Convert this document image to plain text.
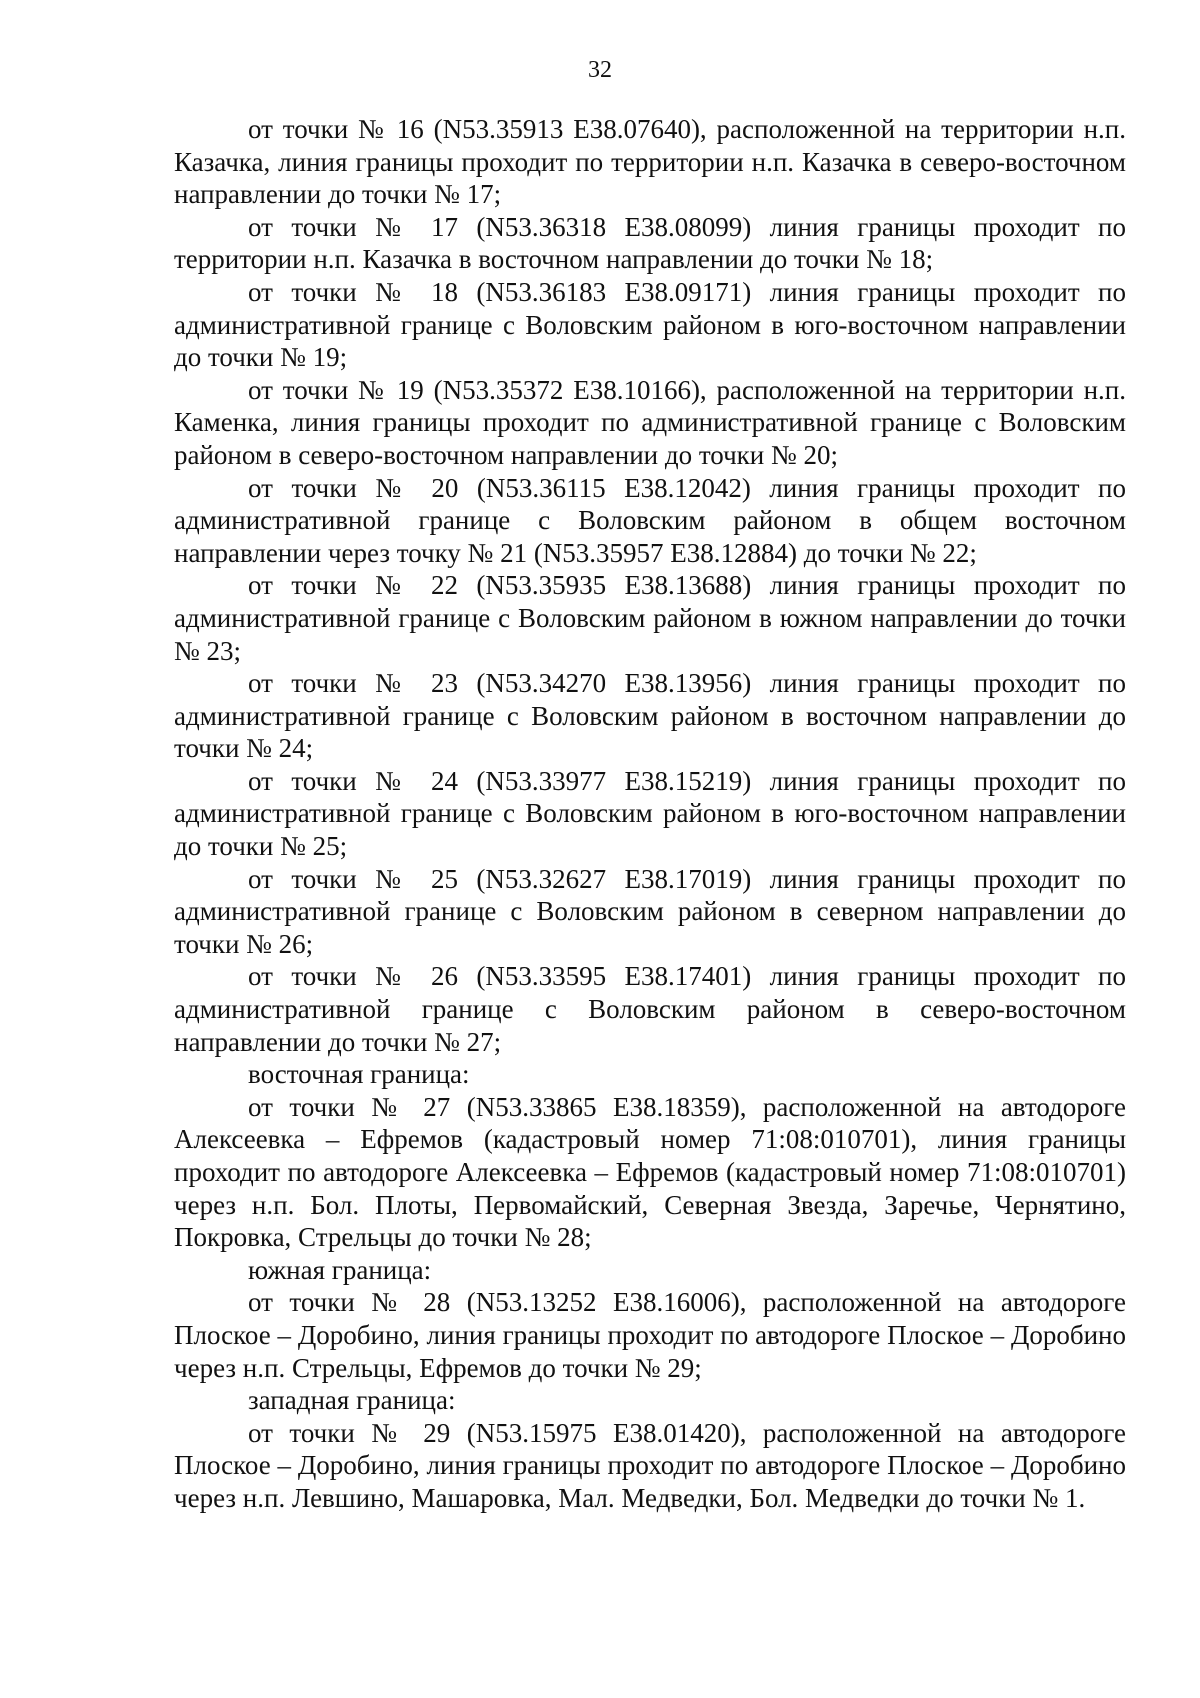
32

от точки № 16 (N53.35913 E38.07640), расположенной на территории н.п. Казачка, линия границы проходит по территории н.п. Казачка в северо-восточном направлении до точки № 17;

от точки № 17 (N53.36318 E38.08099) линия границы проходит по территории н.п. Казачка в восточном направлении до точки № 18;

от точки № 18 (N53.36183 E38.09171) линия границы проходит по административной границе с Воловским районом в юго-восточном направлении до точки № 19;

от точки № 19 (N53.35372 E38.10166), расположенной на территории н.п. Каменка, линия границы проходит по административной границе с Воловским районом в северо-восточном направлении до точки № 20;

от точки № 20 (N53.36115 E38.12042) линия границы проходит по административной границе с Воловским районом в общем восточном направлении через точку № 21 (N53.35957 E38.12884) до точки № 22;

от точки № 22 (N53.35935 E38.13688) линия границы проходит по административной границе с Воловским районом в южном направлении до точки № 23;

от точки № 23 (N53.34270 E38.13956) линия границы проходит по административной границе с Воловским районом в восточном направлении до точки № 24;

от точки № 24 (N53.33977 E38.15219) линия границы проходит по административной границе с Воловским районом в юго-восточном направлении до точки № 25;

от точки № 25 (N53.32627 E38.17019) линия границы проходит по административной границе с Воловским районом в северном направлении до точки № 26;

от точки № 26 (N53.33595 E38.17401) линия границы проходит по административной границе с Воловским районом в северо-восточном направлении до точки № 27;

восточная граница:

от точки № 27 (N53.33865 E38.18359), расположенной на автодороге Алексеевка – Ефремов (кадастровый номер 71:08:010701), линия границы проходит по автодороге Алексеевка – Ефремов (кадастровый номер 71:08:010701) через н.п. Бол. Плоты, Первомайский, Северная Звезда, Заречье, Чернятино, Покровка, Стрельцы до точки № 28;

южная граница:

от точки № 28 (N53.13252 E38.16006), расположенной на автодороге Плоское – Доробино, линия границы проходит по автодороге Плоское – Доробино через н.п. Стрельцы, Ефремов до точки № 29;

западная граница:

от точки № 29 (N53.15975 E38.01420), расположенной на автодороге Плоское – Доробино, линия границы проходит по автодороге Плоское – Доробино через н.п. Левшино, Машаровка, Мал. Медведки, Бол. Медведки до точки № 1.
